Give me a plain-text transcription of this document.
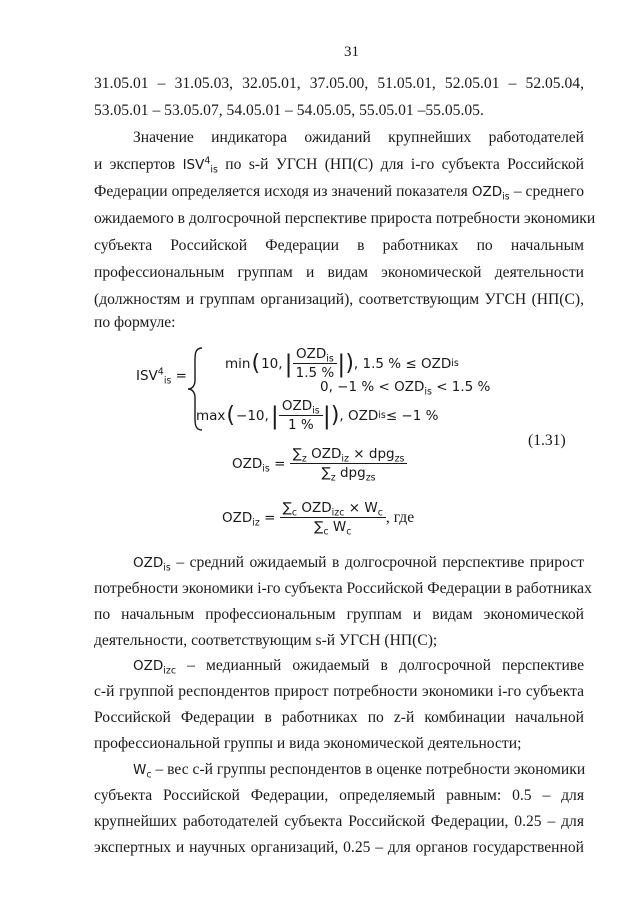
31
31.05.01 – 31.05.03, 32.05.01, 37.05.00, 51.05.01, 52.05.01 – 52.05.04,
53.05.01 – 53.05.07, 54.05.01 – 54.05.05, 55.05.01 –55.05.05.
Значение индикатора ожиданий крупнейших работодателей
и экспертов $ISV^4_{is}$ по s-й УГСН (НП(С) для i-го субъекта Российской
Федерации определяется исходя из значений показателя $OZD_{is}$ – среднего
ожидаемого в долгосрочной перспективе прироста потребности экономики
субъекта Российской Федерации в работниках по начальным
профессиональным группам и видам экономической деятельности
(должностям и группам организаций), соответствующим УГСН (НП(С),
по формуле:
$ISV^4_{is}$ =
min ( 10, | $\frac{OZD_{is}}{1.5 \%}$ | ) , 1.5 % ≤ OZD is
0, −1 % < $OZD_{is} < 1.5$ %
max ( −10, | $\frac{OZD_{is}}{1 \%}$ | ) , OZD is ≤ −1 %
(1.31)
$OZD_{is} = \frac{\sum_z OZD_{iz} \times dpg_{zs}}{\sum_z dpg_{zs}}$
$OZD_{iz} = \frac{\sum_c OZD_{izc} \times W_c}{\sum_c W_c}$ , где
$OZD_{is}$ – средний ожидаемый в долгосрочной перспективе прирост
потребности экономики i-го субъекта Российской Федерации в работниках
по начальным профессиональным группам и видам экономической
деятельности, соответствующим s-й УГСН (НП(С);
$OZD_{izc}$ – медианный ожидаемый в долгосрочной перспективе
с-й группой респондентов прирост потребности экономики i-го субъекта
Российской Федерации в работниках по z-й комбинации начальной
профессиональной группы и вида экономической деятельности;
$W_c$ – вес с-й группы респондентов в оценке потребности экономики
субъекта Российской Федерации, определяемый равным: 0.5 – для
крупнейших работодателей субъекта Российской Федерации, 0.25 – для
экспертных и научных организаций, 0.25 – для органов государственной
